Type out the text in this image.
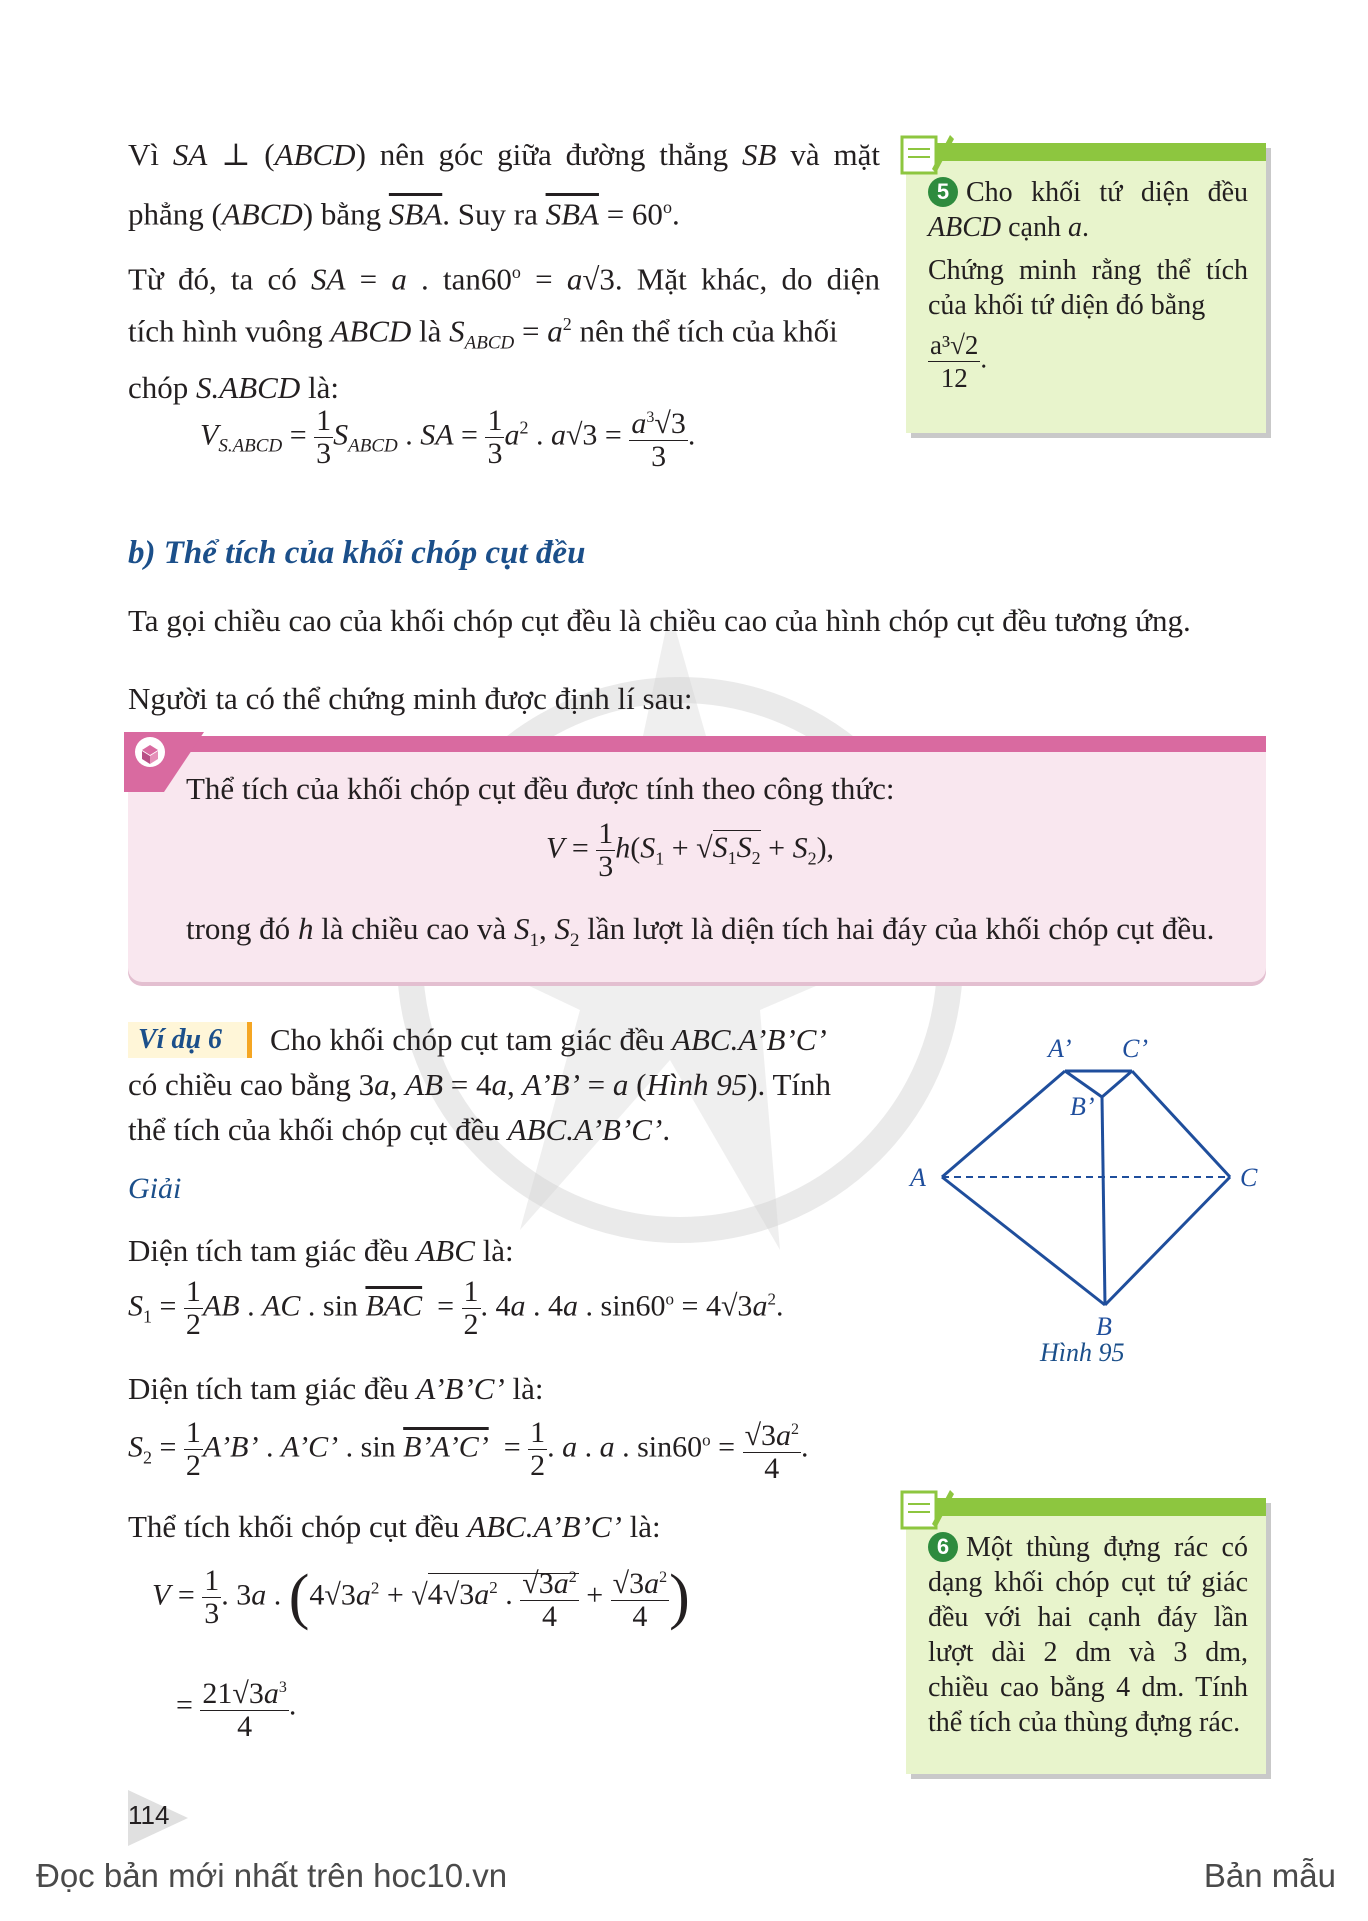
Vì SA ⊥ (ABCD) nên góc giữa đường thẳng SB và mặt
phẳng (ABCD) bằng $\overline{SBA}$. Suy ra $\overline{SBA} = 60^o$.
Từ đó, ta có SA = a . $\tan 60^o = a√3$. Mặt khác, do diện
tích hình vuông ABCD là $S_{ABCD} = a^2$ nên thể tích của khối
chóp S.ABCD là:
$V_{S.ABCD} = \frac{1}{3} S_{ABCD}$ . SA = $\frac{1}{3} a^2$ . $a√3 = \frac{a^3√3}{3}$ .
5 Cho khối tứ diện đều ABCD cạnh a.
Chứng minh rằng thể tích của khối tứ diện đó bằng
$\frac{\text{a³√2}}{12}$ .
b) Thể tích của khối chóp cụt đều
Ta gọi chiều cao của khối chóp cụt đều là chiều cao của hình chóp cụt đều tương ứng.
Người ta có thể chứng minh được định lí sau:
Thể tích của khối chóp cụt đều được tính theo công thức:
$V = \frac{1}{3} h(S_1 + √S_1S_2 + S_2)$,
trong đó h là chiều cao và $S_1$, $S_2$ lần lượt là diện tích hai đáy của khối chóp cụt đều.
Ví dụ 6	Cho khối chóp cụt tam giác đều ABC.A’B’C’
có chiều cao bằng 3a, AB = 4a, A’B’ = a (Hình 95). Tính
thể tích của khối chóp cụt đều ABC.A’B’C’.
Giải
Diện tích tam giác đều ABC là:
$S_1 = \frac{1}{2}$ AB . AC . $\sin \overline{BAC} = \frac{1}{2}$ . 4a . 4a . $\sin 60^o = 4√3a^2$.
Diện tích tam giác đều A’B’C’ là:
$S_2 = \frac{1}{2}$ A’B’ . A’C’ . sin B’A’C’  = $\frac{1}{2}$ . a . a . $\sin 60^o = \frac{√3a^2}{4}$ .
Thể tích khối chóp cụt đều ABC.A’B’C’ là:
$V = \frac{1}{3}$ . 3a . ($4√3a^2 + √4√3a^2$ . $\frac{√3a^2}{4} + \frac{√3a^2}{4}$ )
= $\frac{21√3a^3}{4}$ .
A’ C’
B’
A	C
B
Hình 95
6 Một thùng đựng rác có dạng khối chóp cụt tứ giác đều với hai cạnh đáy lần lượt dài 2 dm và 3 dm, chiều cao bằng 4 dm. Tính thể tích của thùng đựng rác.
114
Đọc bản mới nhất trên hoc10.vn	Bản mẫu
